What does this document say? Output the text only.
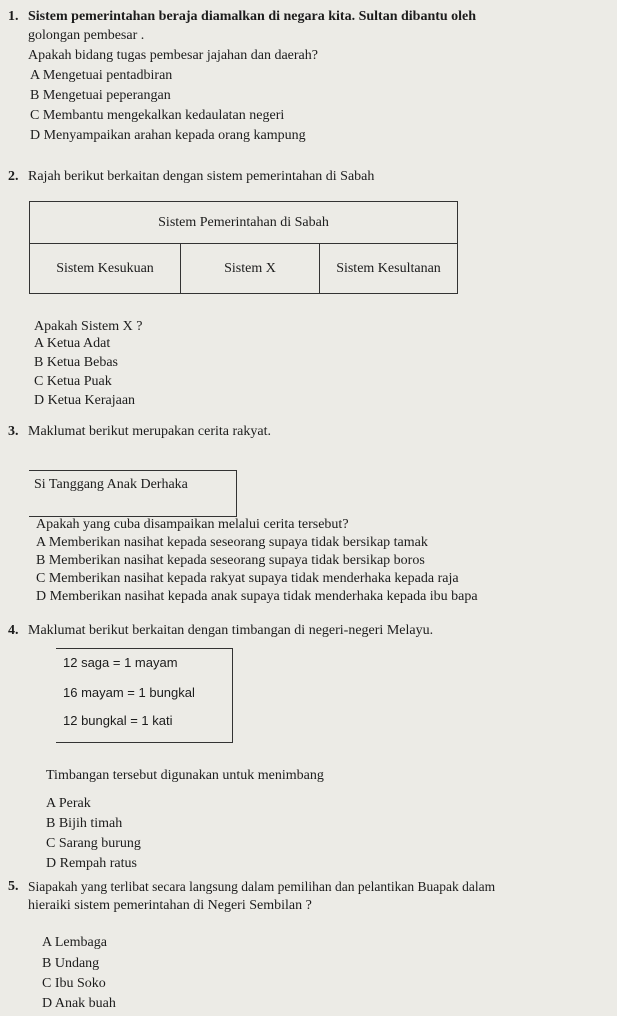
1. Sistem pemerintahan beraja diamalkan di negara kita. Sultan dibantu oleh
golongan pembesar .
Apakah bidang tugas pembesar jajahan dan daerah?
A Mengetuai pentadbiran
B Mengetuai peperangan
C Membantu mengekalkan kedaulatan negeri
D Menyampaikan arahan kepada orang kampung
2. Rajah berikut berkaitan dengan sistem pemerintahan di Sabah
Sistem Pemerintahan di Sabah
Sistem Kesukuan	Sistem X	Sistem Kesultanan
Apakah Sistem X ?
A Ketua Adat
B Ketua Bebas
C Ketua Puak
D Ketua Kerajaan
3. Maklumat berikut merupakan cerita rakyat.
Si Tanggang Anak Derhaka
Apakah yang cuba disampaikan melalui cerita tersebut?
A Memberikan nasihat kepada seseorang supaya tidak bersikap tamak
B Memberikan nasihat kepada seseorang supaya tidak bersikap boros
C Memberikan nasihat kepada rakyat supaya tidak menderhaka kepada raja
D Memberikan nasihat kepada anak supaya tidak menderhaka kepada ibu bapa
4. Maklumat berikut berkaitan dengan timbangan di negeri-negeri Melayu.
12 saga = 1 mayam
16 mayam = 1 bungkal
12 bungkal = 1 kati
Timbangan tersebut digunakan untuk menimbang
A Perak
B Bijih timah
C Sarang burung
D Rempah ratus
5. Siapakah yang terlibat secara langsung dalam pemilihan dan pelantikan Buapak dalam
hieraiki sistem pemerintahan di Negeri Sembilan ?
A Lembaga
B Undang
C Ibu Soko
D Anak buah
